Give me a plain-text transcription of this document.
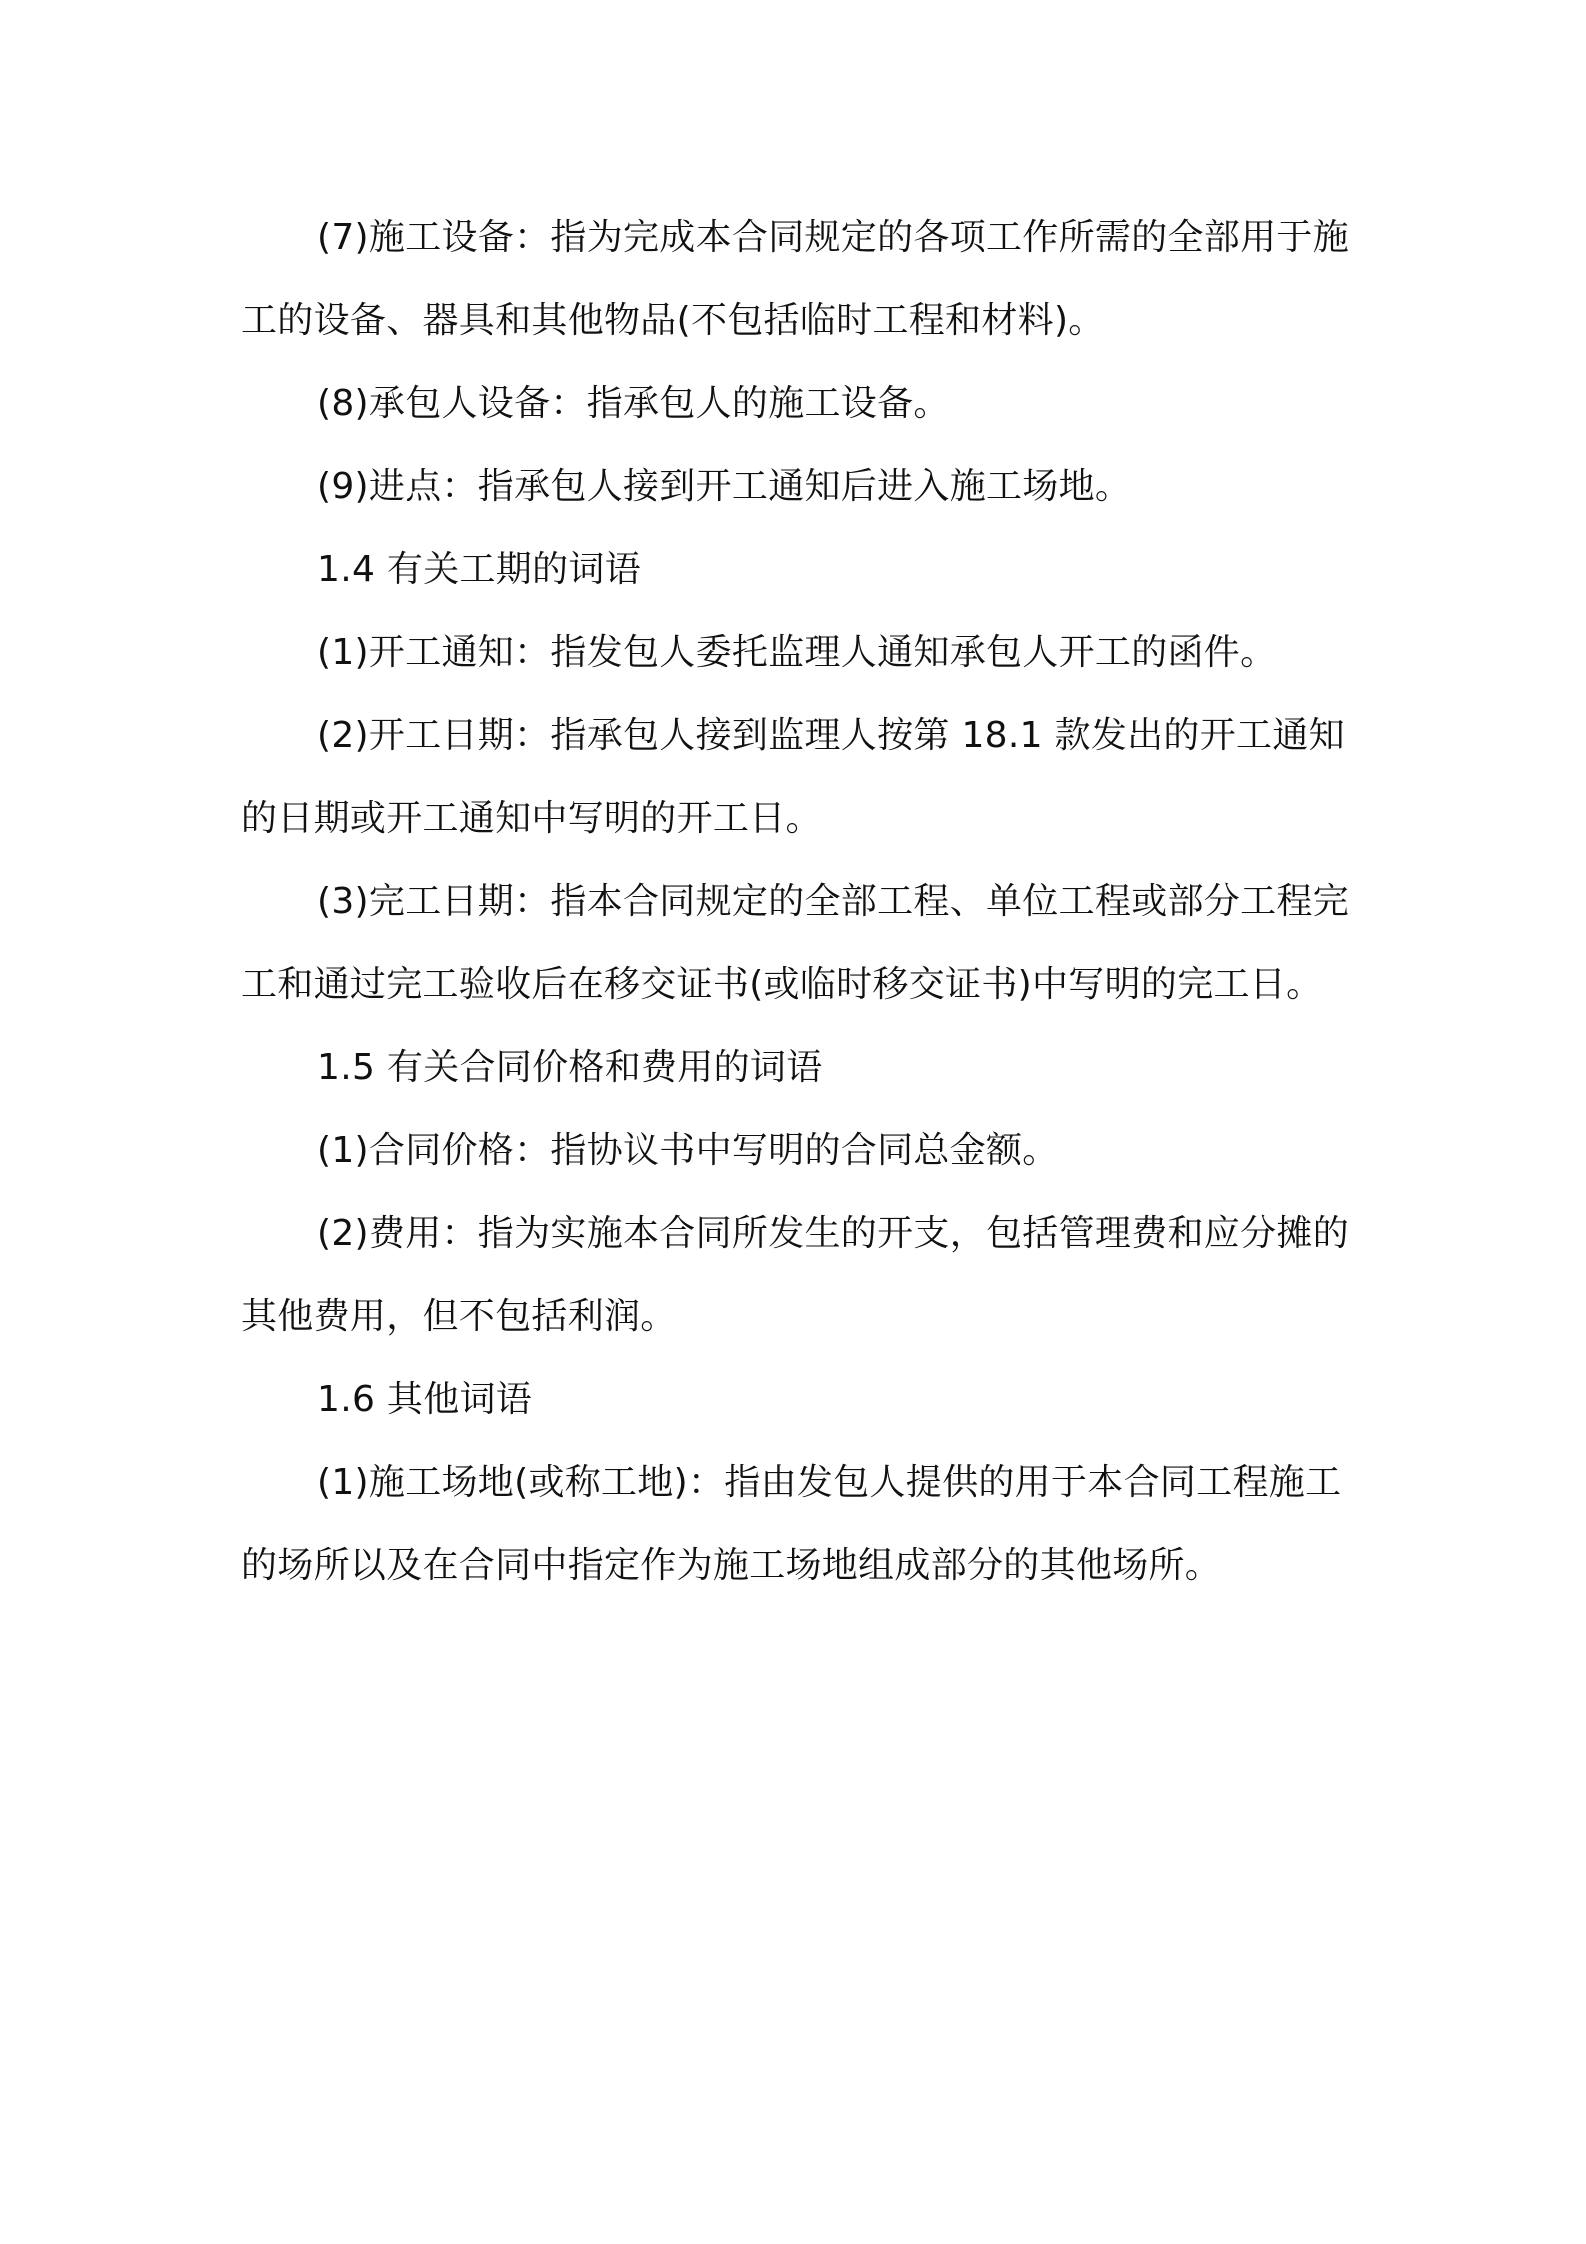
(7)施工设备：指为完成本合同规定的各项工作所需的全部用于施工的设备、器具和其他物品(不包括临时工程和材料)。

(8)承包人设备：指承包人的施工设备。

(9)进点：指承包人接到开工通知后进入施工场地。

1.4 有关工期的词语

(1)开工通知：指发包人委托监理人通知承包人开工的函件。

(2)开工日期：指承包人接到监理人按第 18.1 款发出的开工通知的日期或开工通知中写明的开工日。

(3)完工日期：指本合同规定的全部工程、单位工程或部分工程完工和通过完工验收后在移交证书(或临时移交证书)中写明的完工日。

1.5 有关合同价格和费用的词语

(1)合同价格：指协议书中写明的合同总金额。

(2)费用：指为实施本合同所发生的开支，包括管理费和应分摊的其他费用，但不包括利润。

1.6 其他词语

(1)施工场地(或称工地)：指由发包人提供的用于本合同工程施工的场所以及在合同中指定作为施工场地组成部分的其他场所。
